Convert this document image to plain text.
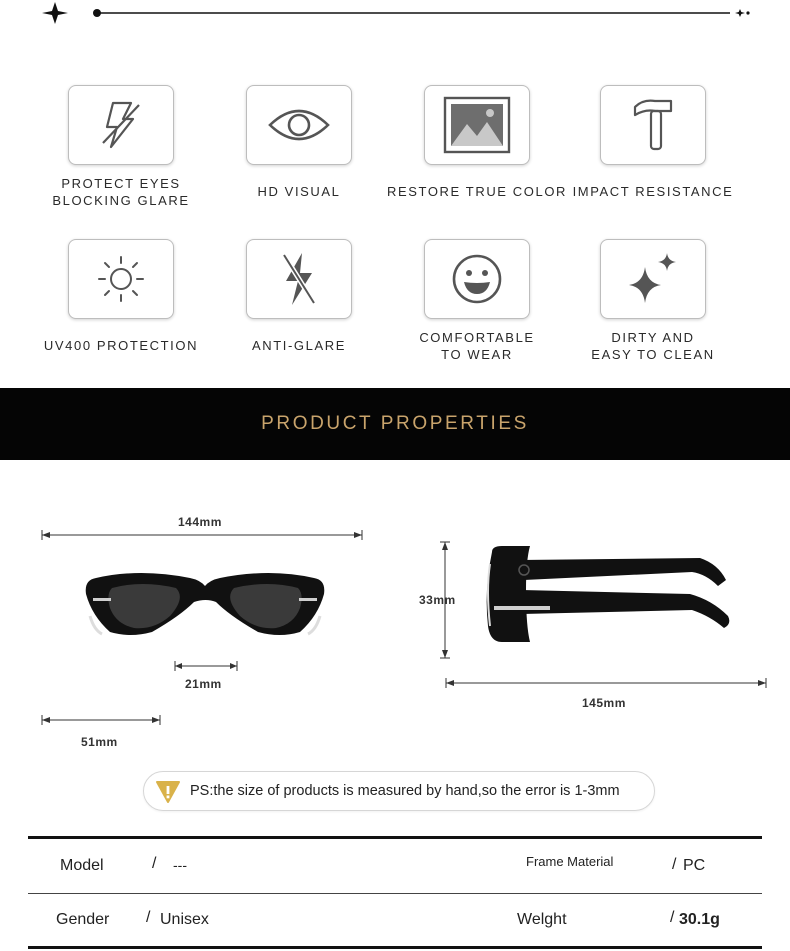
PROTECT EYES
BLOCKING GLARE
HD VISUAL	RESTORE TRUE COLOR IMPACT RESISTANCE
UV400 PROTECTION	ANTI-GLARE
COMFORTABLE
TO WEAR
DIRTY AND
EASY TO CLEAN
PRODUCT PROPERTIES
144mm
21mm
51mm
33mm
145mm
PS:the size of products is measured by hand,so the error is 1-3mm
Model	/ ---	Frame Material	/ PC
Gender / Unisex	Welght	/ 30.1g
